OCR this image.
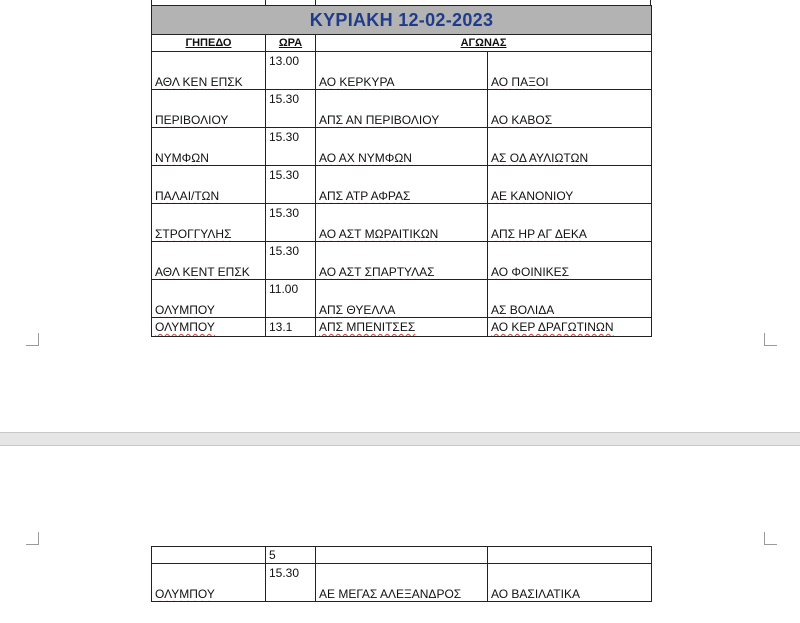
ΚΥΡΙΑΚΗ 12-02-2023			
ΓΗΠΕΔΟ	ΩΡΑ	ΑΓΩΝΑΣ	
ΑΘΛ ΚΕΝ ΕΠΣΚ	13.00	ΑΟ ΚΕΡΚΥΡΑ	ΑΟ ΠΑΞΟΙ
ΠΕΡΙΒΟΛΙΟΥ	15.30	ΑΠΣ ΑΝ ΠΕΡΙΒΟΛΙΟΥ	ΑΟ ΚΑΒΟΣ
ΝΥΜΦΩΝ	15.30	ΑΟ ΑΧ ΝΥΜΦΩΝ	ΑΣ ΟΔ ΑΥΛΙΩΤΩΝ
ΠΑΛΑΙ/ΤΩΝ	15.30	ΑΠΣ ΑΤΡ ΑΦΡΑΣ	ΑΕ ΚΑΝΟΝΙΟΥ
ΣΤΡΟΓΓΥΛΗΣ	15.30	ΑΟ ΑΣΤ ΜΩΡΑΙΤΙΚΩΝ	ΑΠΣ ΗΡ ΑΓ ΔΕΚΑ
ΑΘΛ ΚΕΝΤ ΕΠΣΚ	15.30	ΑΟ ΑΣΤ ΣΠΑΡΤΥΛΑΣ	ΑΟ ΦΟΙΝΙΚΕΣ
ΟΛΥΜΠΟΥ	11.00	ΑΠΣ ΘΥΕΛΛΑ	ΑΣ ΒΟΛΙΔΑ
ΟΛΥΜΠΟΥ	13.1	ΑΠΣ ΜΠΕΝΙΤΣΕΣ	ΑΟ ΚΕΡ ΔΡΑΓΩΤΙΝΩΝ
	5		
ΟΛΥΜΠΟΥ	15.30	ΑΕ ΜΕΓΑΣ ΑΛΕΞΑΝΔΡΟΣ	ΑΟ ΒΑΣΙΛΑΤΙΚΑ
